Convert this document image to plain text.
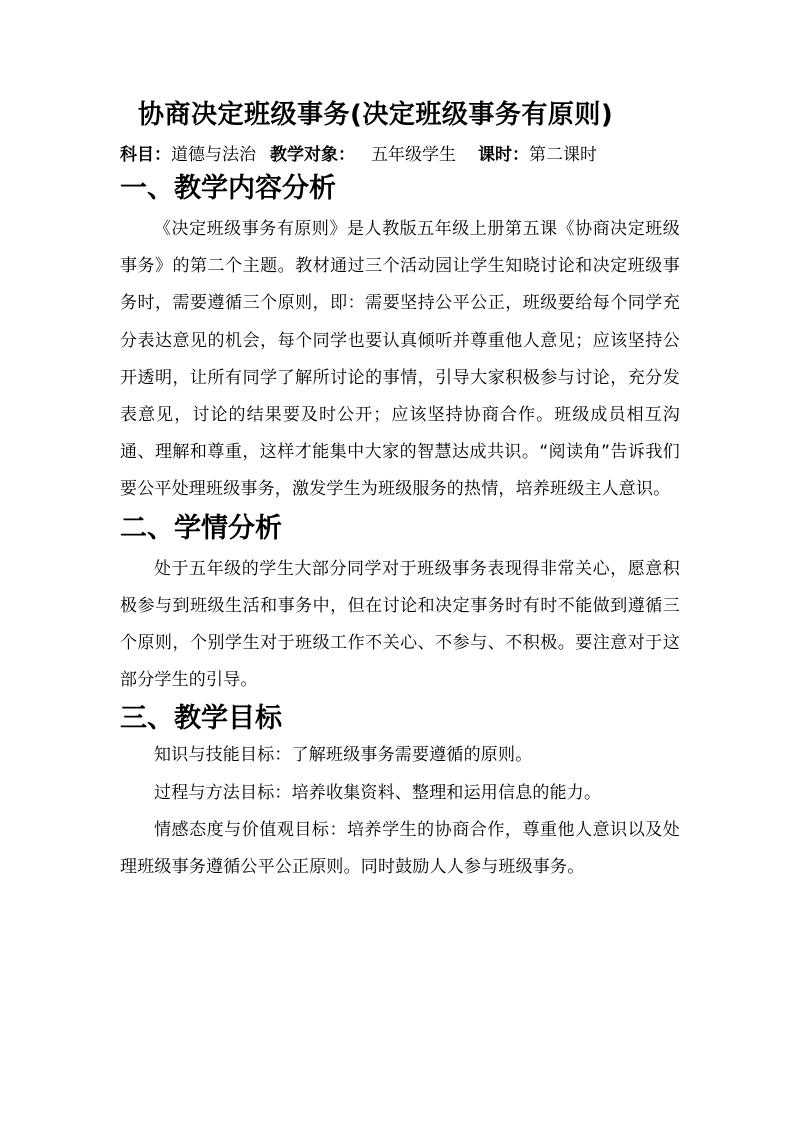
协商决定班级事务(决定班级事务有原则)
科目：道德与法治 教学对象： 五年级学生 课时：第二课时
一、教学内容分析

《决定班级事务有原则》是人教版五年级上册第五课《协商决定班级事务》的第二个主题。教材通过三个活动园让学生知晓讨论和决定班级事务时，需要遵循三个原则，即：需要坚持公平公正，班级要给每个同学充分表达意见的机会，每个同学也要认真倾听并尊重他人意见；应该坚持公开透明，让所有同学了解所讨论的事情，引导大家积极参与讨论，充分发表意见，讨论的结果要及时公开；应该坚持协商合作。班级成员相互沟通、理解和尊重，这样才能集中大家的智慧达成共识。“阅读角”告诉我们要公平处理班级事务，激发学生为班级服务的热情，培养班级主人意识。

二、学情分析

处于五年级的学生大部分同学对于班级事务表现得非常关心，愿意积极参与到班级生活和事务中，但在讨论和决定事务时有时不能做到遵循三个原则，个别学生对于班级工作不关心、不参与、不积极。要注意对于这部分学生的引导。

三、教学目标

知识与技能目标：了解班级事务需要遵循的原则。

过程与方法目标：培养收集资料、整理和运用信息的能力。

情感态度与价值观目标：培养学生的协商合作，尊重他人意识以及处理班级事务遵循公平公正原则。同时鼓励人人参与班级事务。
